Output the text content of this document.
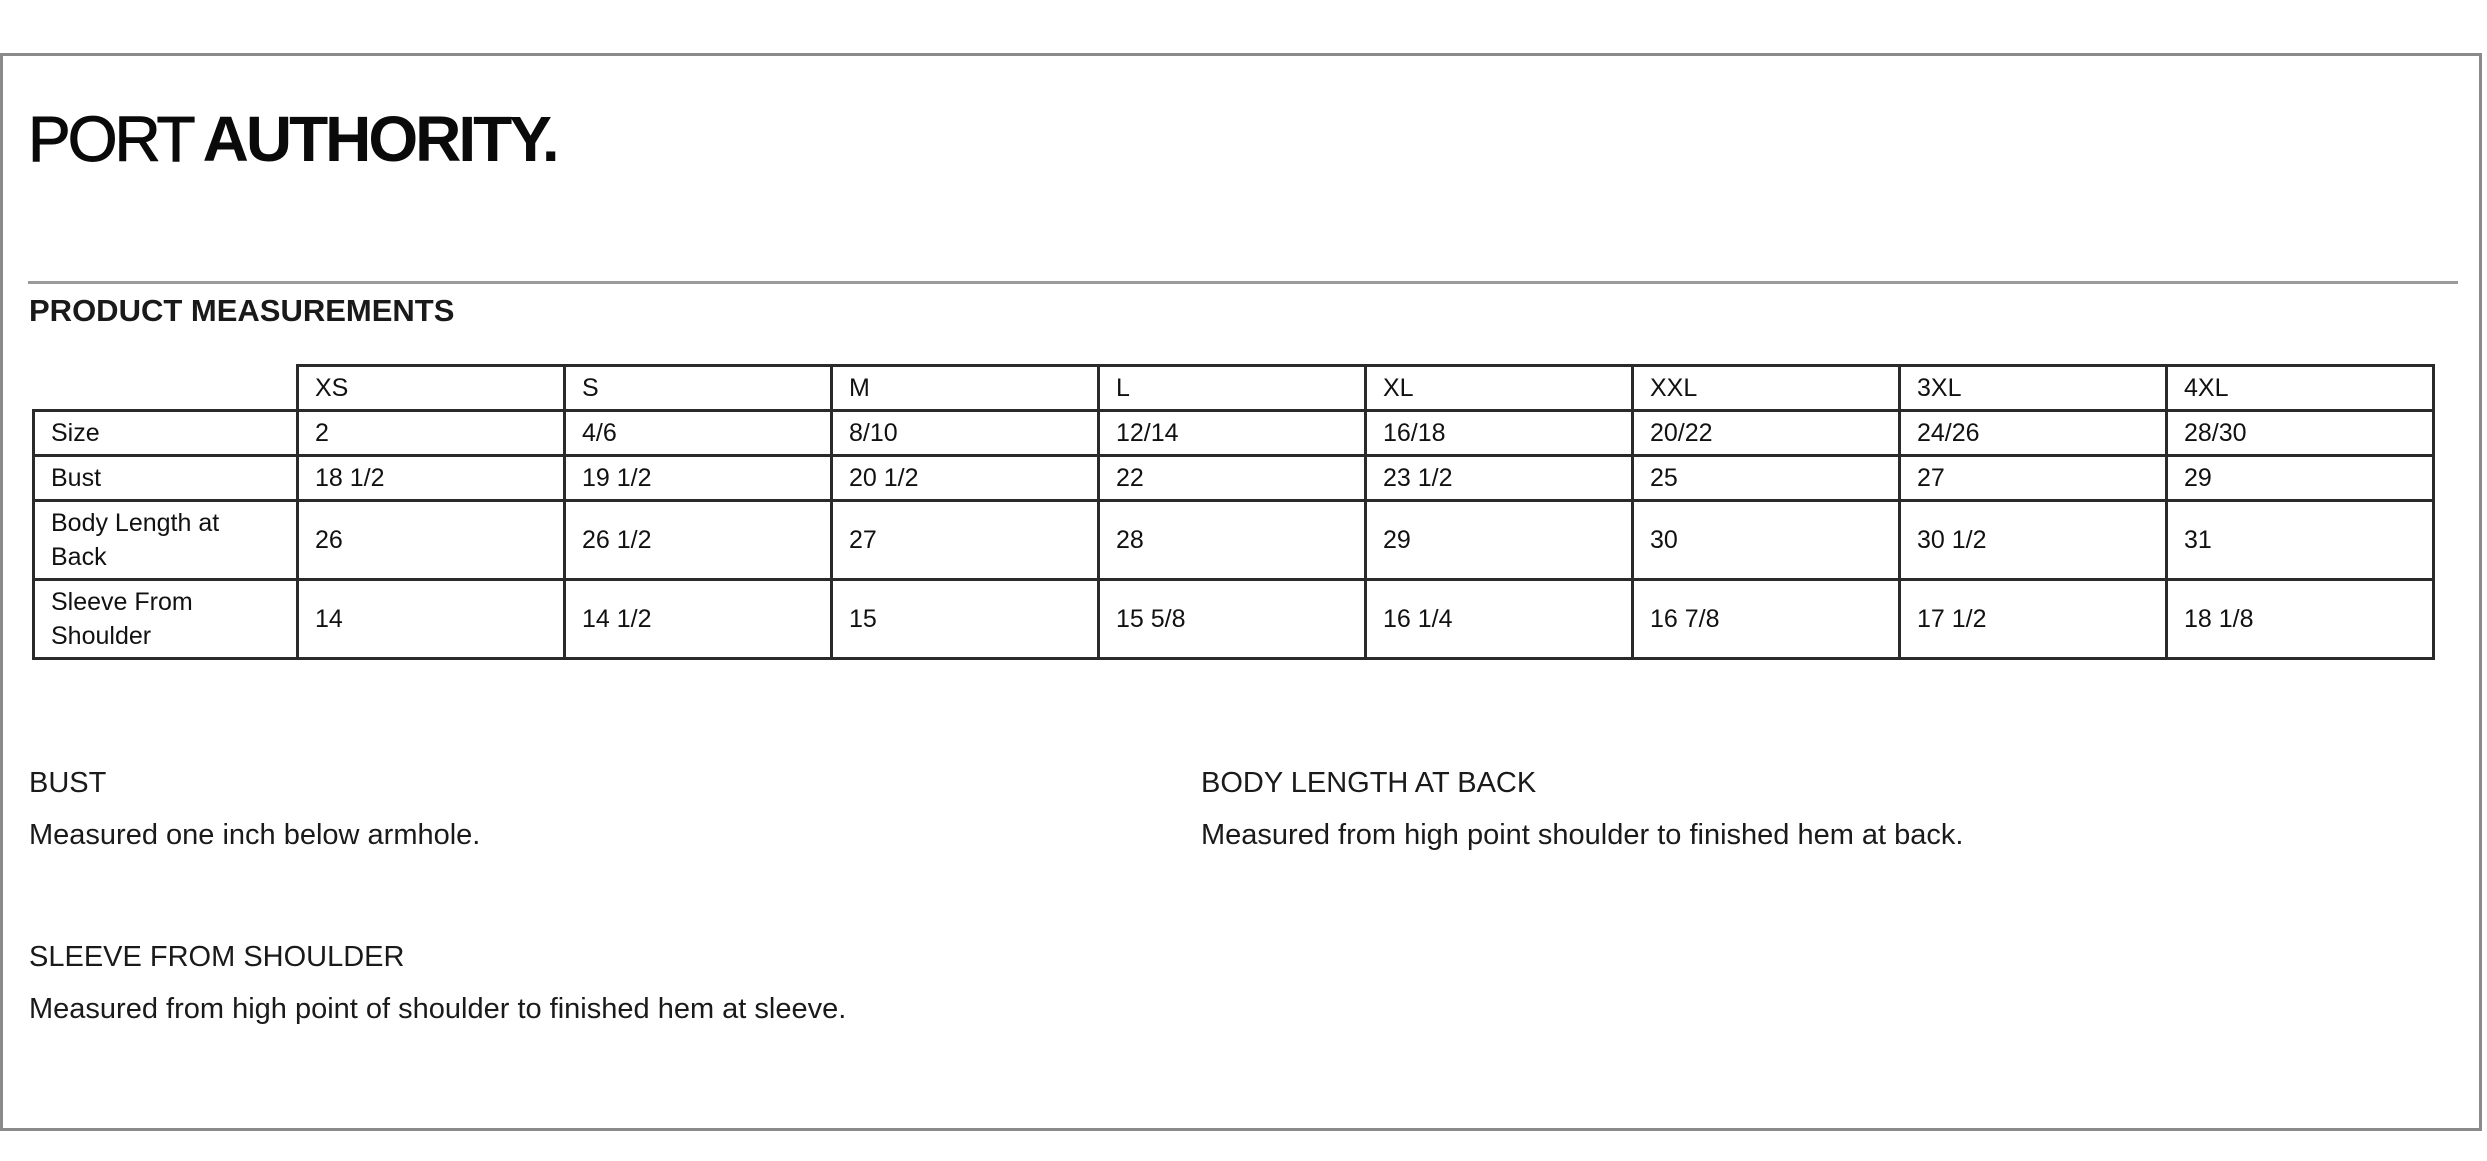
PORT AUTHORITY.
PRODUCT MEASUREMENTS
	XS	S	M	L	XL	XXL	3XL	4XL
Size	2	4/6	8/10	12/14	16/18	20/22	24/26	28/30
Bust	18 1/2	19 1/2	20 1/2	22	23 1/2	25	27	29
Body Length at Back	26	26 1/2	27	28	29	30	30 1/2	31
Sleeve From Shoulder	14	14 1/2	15	15 5/8	16 1/4	16 7/8	17 1/2	18 1/8
BUST
Measured one inch below armhole.
BODY LENGTH AT BACK
Measured from high point shoulder to finished hem at back.
SLEEVE FROM SHOULDER
Measured from high point of shoulder to finished hem at sleeve.
